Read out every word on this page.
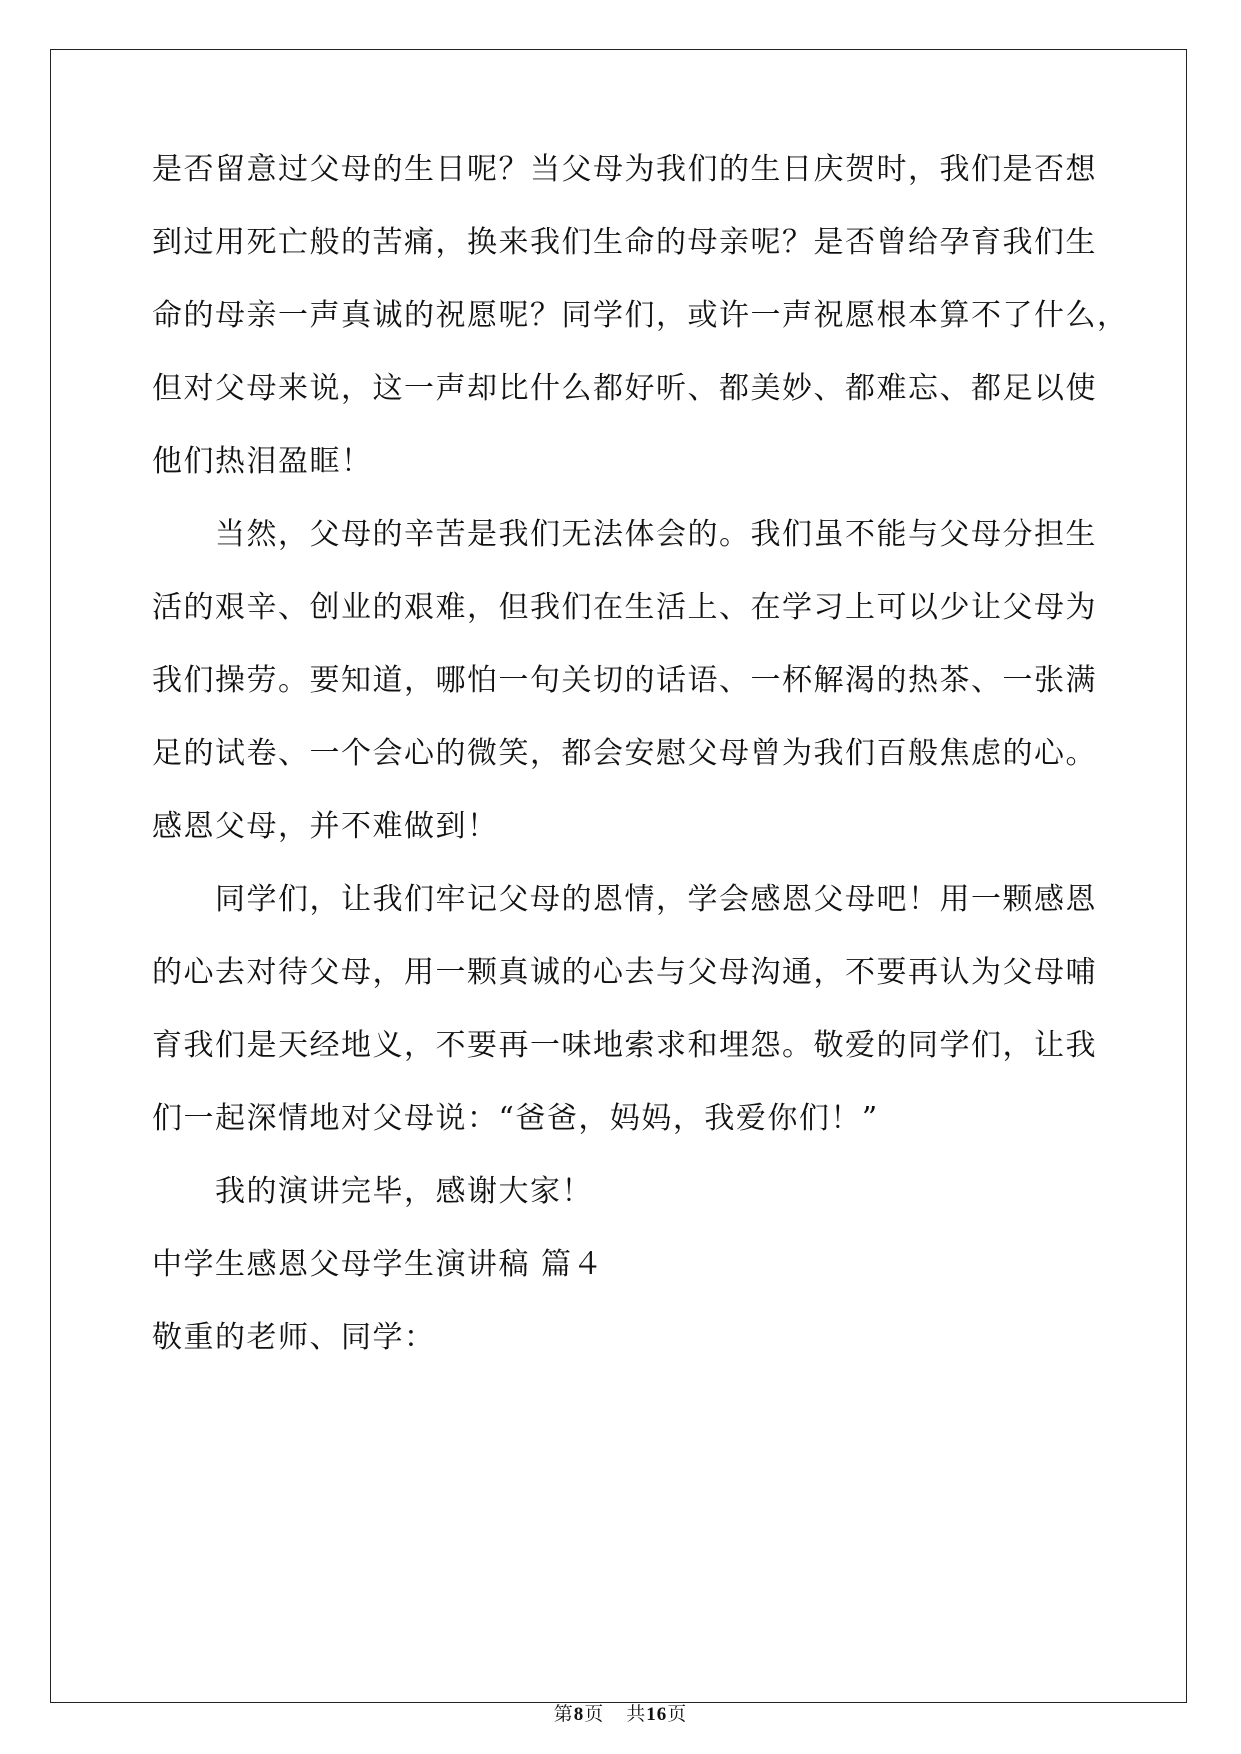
是否留意过父母的生日呢？当父母为我们的生日庆贺时，我们是否想
到过用死亡般的苦痛，换来我们生命的母亲呢？是否曾给孕育我们生
命的母亲一声真诚的祝愿呢？同学们，或许一声祝愿根本算不了什么，
但对父母来说，这一声却比什么都好听、都美妙、都难忘、都足以使
他们热泪盈眶！
当然，父母的辛苦是我们无法体会的。我们虽不能与父母分担生
活的艰辛、创业的艰难，但我们在生活上、在学习上可以少让父母为
我们操劳。要知道，哪怕一句关切的话语、一杯解渴的热茶、一张满
足的试卷、一个会心的微笑，都会安慰父母曾为我们百般焦虑的心。
感恩父母，并不难做到！
同学们，让我们牢记父母的恩情，学会感恩父母吧！用一颗感恩
的心去对待父母，用一颗真诚的心去与父母沟通，不要再认为父母哺
育我们是天经地义，不要再一味地索求和埋怨。敬爱的同学们，让我
们一起深情地对父母说：“爸爸，妈妈，我爱你们！”
我的演讲完毕，感谢大家！
中学生感恩父母学生演讲稿 篇４
敬重的老师、同学：
第8页 共16页
